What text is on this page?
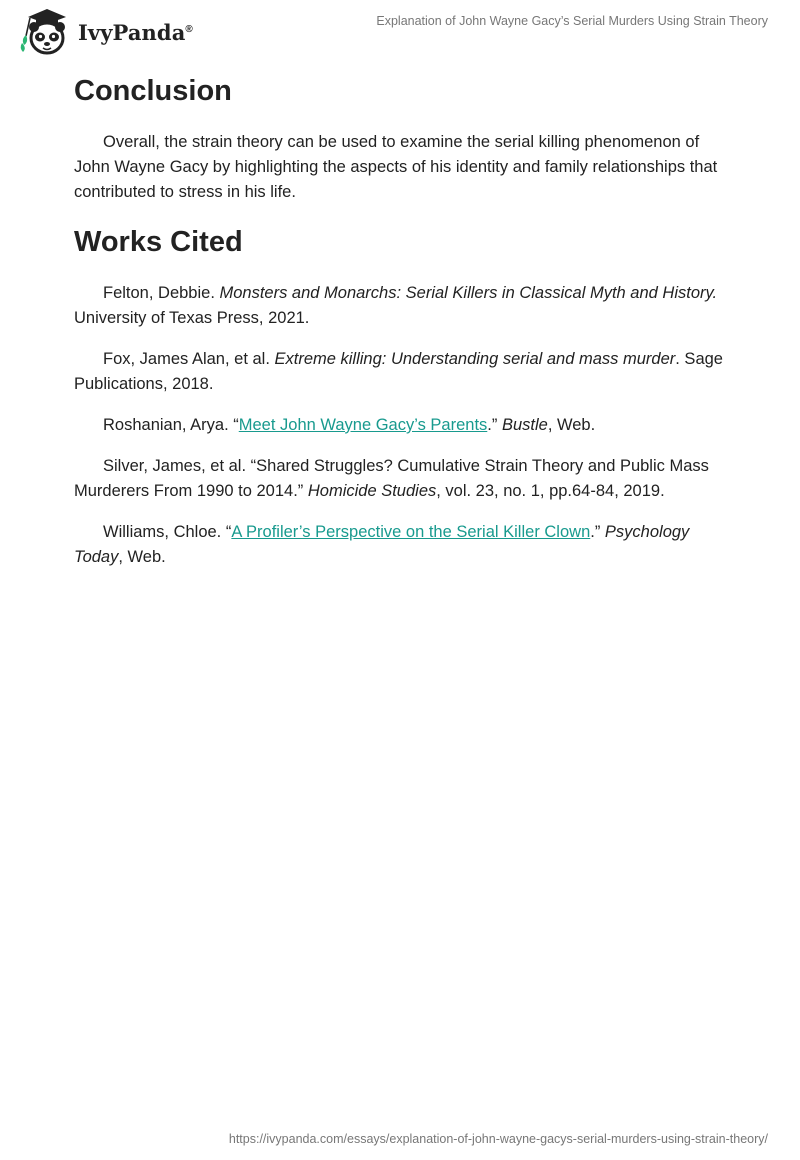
IvyPanda®
Explanation of John Wayne Gacy’s Serial Murders Using Strain Theory
Conclusion

Overall, the strain theory can be used to examine the serial killing phenomenon of John Wayne Gacy by highlighting the aspects of his identity and family relationships that contributed to stress in his life.

Works Cited

Felton, Debbie. Monsters and Monarchs: Serial Killers in Classical Myth and History. University of Texas Press, 2021.

Fox, James Alan, et al. Extreme killing: Understanding serial and mass murder. Sage Publications, 2018.

Roshanian, Arya. “Meet John Wayne Gacy’s Parents.” Bustle, Web.

Silver, James, et al. “Shared Struggles? Cumulative Strain Theory and Public Mass Murderers From 1990 to 2014.” Homicide Studies, vol. 23, no. 1, pp.64-84, 2019.

Williams, Chloe. “A Profiler’s Perspective on the Serial Killer Clown.” Psychology Today, Web.

https://ivypanda.com/essays/explanation-of-john-wayne-gacys-serial-murders-using-strain-theory/
